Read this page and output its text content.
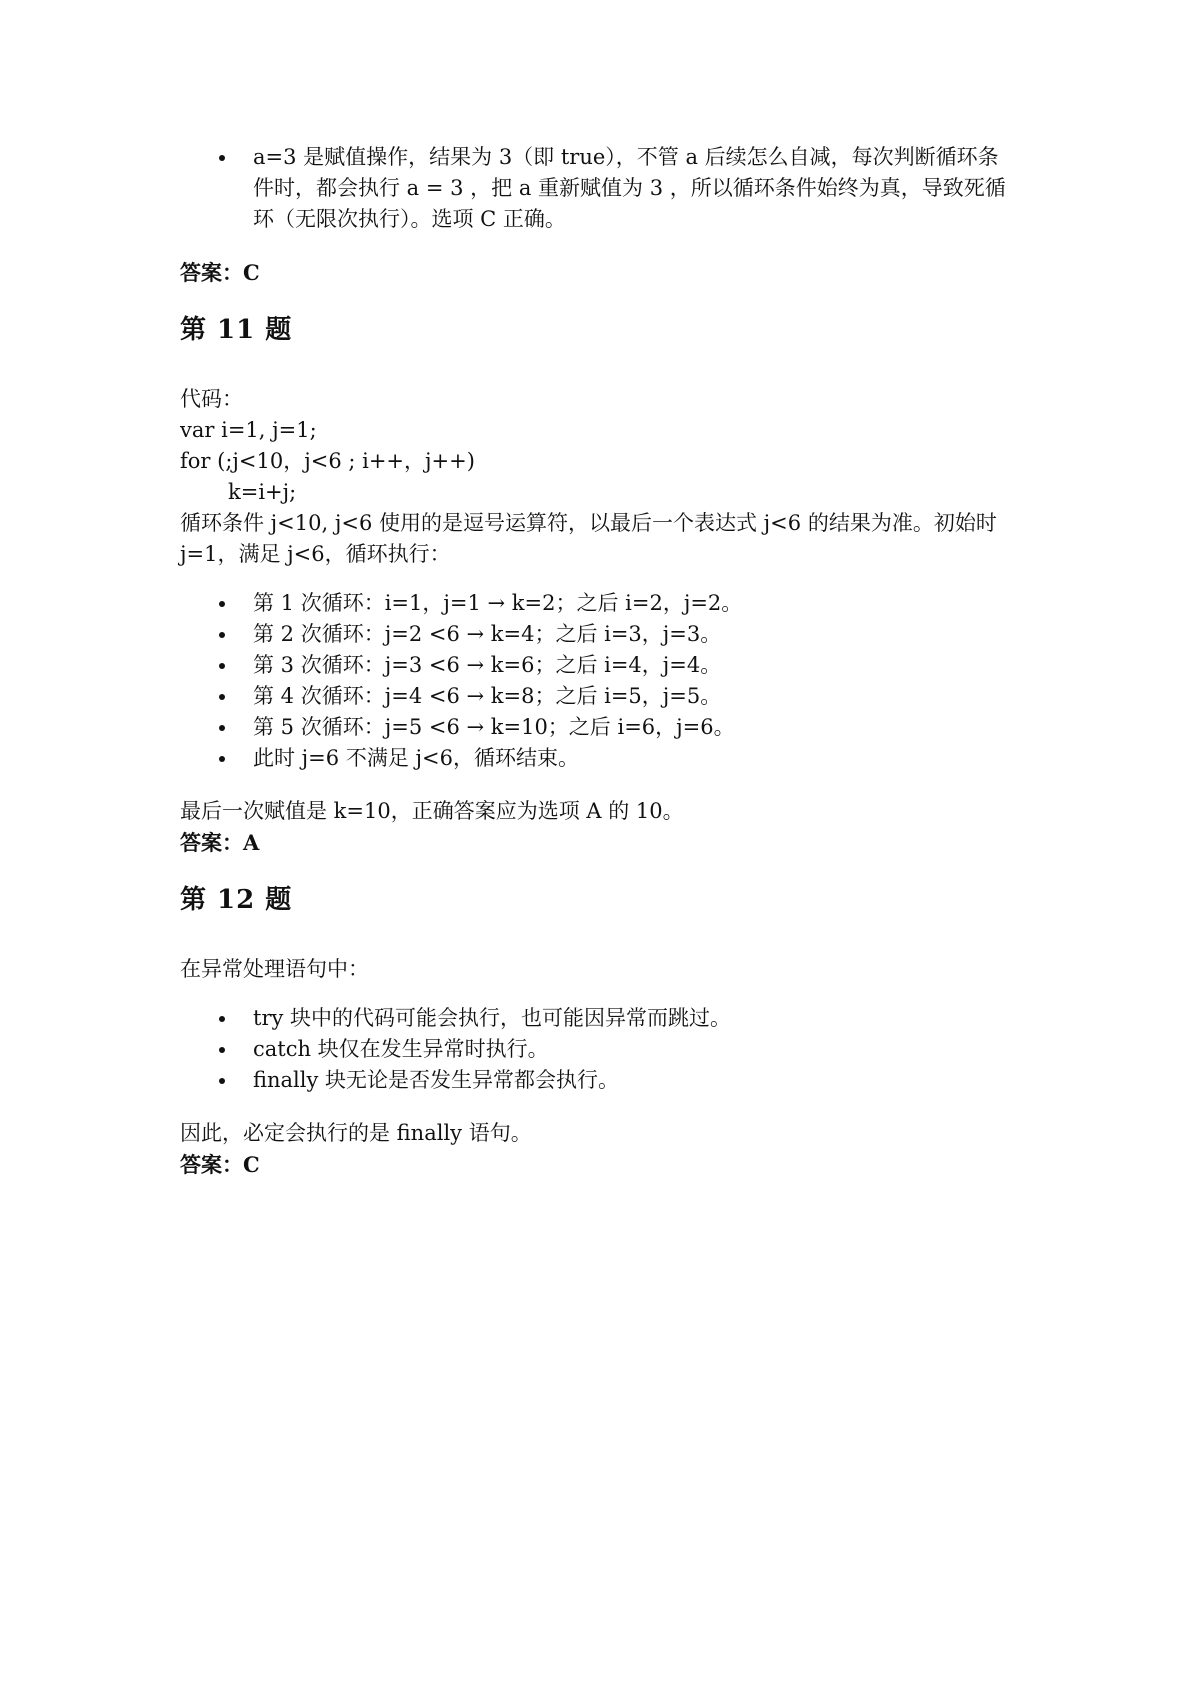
a=3 是赋值操作，结果为 3（即 true），不管 a 后续怎么自减，每次判断循环条件时，都会执行 a = 3 ，把 a 重新赋值为 3 ，所以循环条件始终为真，导致死循环（无限次执行）。选项 C 正确。

答案：C

第 11 题

代码：

var i=1, j=1;

for (;j<10，j<6 ; i++，j++)

k=i+j;

循环条件 j<10, j<6 使用的是逗号运算符，以最后一个表达式 j<6 的结果为准。初始时 j=1，满足 j<6，循环执行：

第 1 次循环：i=1，j=1 → k=2；之后 i=2，j=2。
第 2 次循环：j=2 <6 → k=4；之后 i=3，j=3。
第 3 次循环：j=3 <6 → k=6；之后 i=4，j=4。
第 4 次循环：j=4 <6 → k=8；之后 i=5，j=5。
第 5 次循环：j=5 <6 → k=10；之后 i=6，j=6。
此时 j=6 不满足 j<6，循环结束。

最后一次赋值是 k=10，正确答案应为选项 A 的 10。

答案：A

第 12 题

在异常处理语句中：

try 块中的代码可能会执行，也可能因异常而跳过。
catch 块仅在发生异常时执行。
finally 块无论是否发生异常都会执行。

因此，必定会执行的是 finally 语句。

答案：C
